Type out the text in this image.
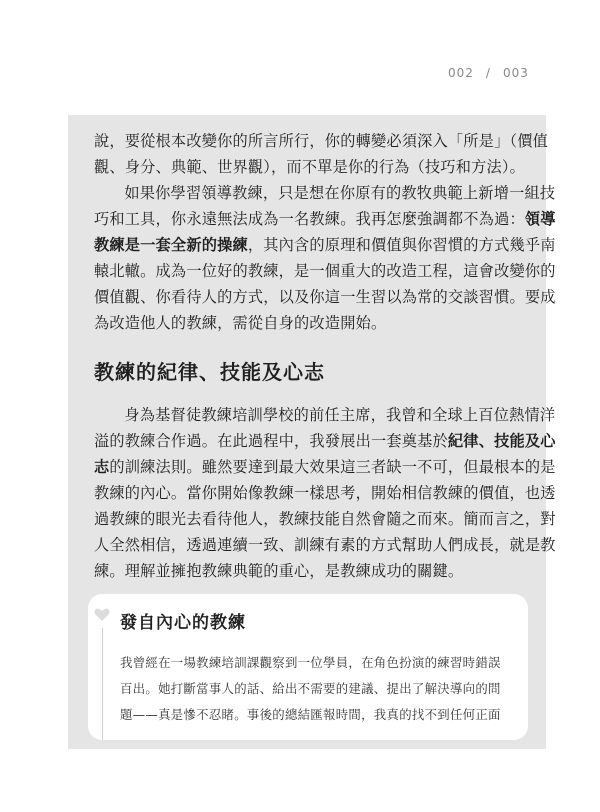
002 / 003
說，要從根本改變你的所言所行，你的轉變必須深入「所是」（價值
觀、身分、典範、世界觀），而不單是你的行為（技巧和方法）。
如果你學習領導教練，只是想在你原有的教牧典範上新增一組技
巧和工具，你永遠無法成為一名教練。我再怎麼強調都不為過：領導
教練是一套全新的操練，其內含的原理和價值與你習慣的方式幾乎南
轅北轍。成為一位好的教練，是一個重大的改造工程，這會改變你的
價值觀、你看待人的方式，以及你這一生習以為常的交談習慣。要成
為改造他人的教練，需從自身的改造開始。
教練的紀律、技能及心志
身為基督徒教練培訓學校的前任主席，我曾和全球上百位熱情洋
溢的教練合作過。在此過程中，我發展出一套奠基於紀律、技能及心
志的訓練法則。雖然要達到最大效果這三者缺一不可，但最根本的是
教練的內心。當你開始像教練一樣思考，開始相信教練的價值，也透
過教練的眼光去看待他人，教練技能自然會隨之而來。簡而言之，對
人全然相信，透過連續一致、訓練有素的方式幫助人們成長，就是教
練。理解並擁抱教練典範的重心，是教練成功的關鍵。
發自內心的教練
我曾經在一場教練培訓課觀察到一位學員，在角色扮演的練習時錯誤
百出。她打斷當事人的話、給出不需要的建議、提出了解決導向的問
題——真是慘不忍睹。事後的總結匯報時間，我真的找不到任何正面
